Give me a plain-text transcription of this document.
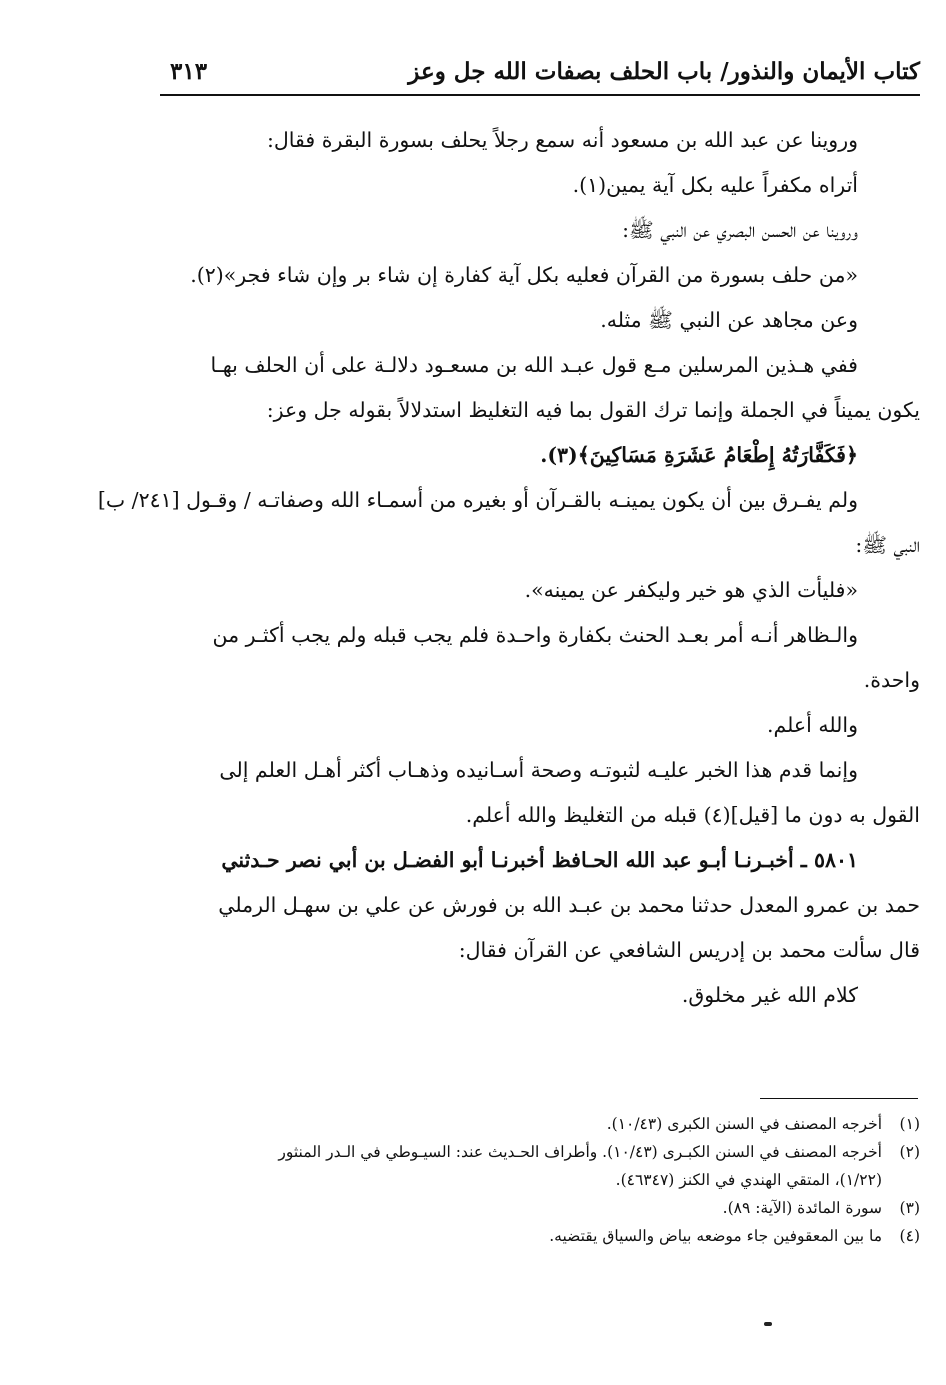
كتاب الأيمان والنذور/ باب الحلف بصفات الله جل وعز
٣١٣
وروينا عن عبد الله بن مسعود أنه سمع رجلاً يحلف بسورة البقرة فقال:
أتراه مكفراً عليه بكل آية يمين(١).
وروينا عن الحسن البصري عن النبي ﷺ:
«من حلف بسورة من القرآن فعليه بكل آية كفارة إن شاء بر وإن شاء فجر»(٢).
وعن مجاهد عن النبي ﷺ مثله.
ففي هـذين المرسلين مـع قول عبـد الله بن مسعـود دلالـة على أن الحلف بهـا
يكون يميناً في الجملة وإنما ترك القول بما فيه التغليظ استدلالاً بقوله جل وعز:
﴿فَكَفَّارَتُهُ إِطْعَامُ عَشَرَةِ مَسَاكِينَ﴾(٣).
ولم يفـرق بين أن يكون يمينـه بالقـرآن أو بغيره من أسمـاء الله وصفاتـه / وقـول [٢٤١/ ب]
النبي ﷺ:
«فليأت الذي هو خير وليكفر عن يمينه».
والـظاهر أنـه أمر بعـد الحنث بكفارة واحـدة فلم يجب قبله ولم يجب أكثـر من
واحدة.
والله أعلم.
وإنما قدم هذا الخبر عليـه لثبوتـه وصحة أسـانيده وذهـاب أكثر أهـل العلم إلى
القول به دون ما [قيل](٤) قبله من التغليظ والله أعلم.
٥٨٠١ ـ أخبـرنـا أبـو عبد الله الحـافظ أخبرنـا أبو الفضـل بن أبي نصر حـدثني
حمد بن عمرو المعدل حدثنا محمد بن عبـد الله بن فورش عن علي بن سهـل الرملي
قال سألت محمد بن إدريس الشافعي عن القرآن فقال:
كلام الله غير مخلوق.
(١)أخرجه المصنف في السنن الكبرى (١٠/٤٣).
(٢)أخرجه المصنف في السنن الكبـرى (١٠/٤٣). وأطراف الحـديث عند: السيـوطي في الـدر المنثور
(١/٢٢)، المتقي الهندي في الكنز (٤٦٣٤٧).
(٣)سورة المائدة (الآية: ٨٩).
(٤)ما بين المعقوفين جاء موضعه بياض والسياق يقتضيه.
